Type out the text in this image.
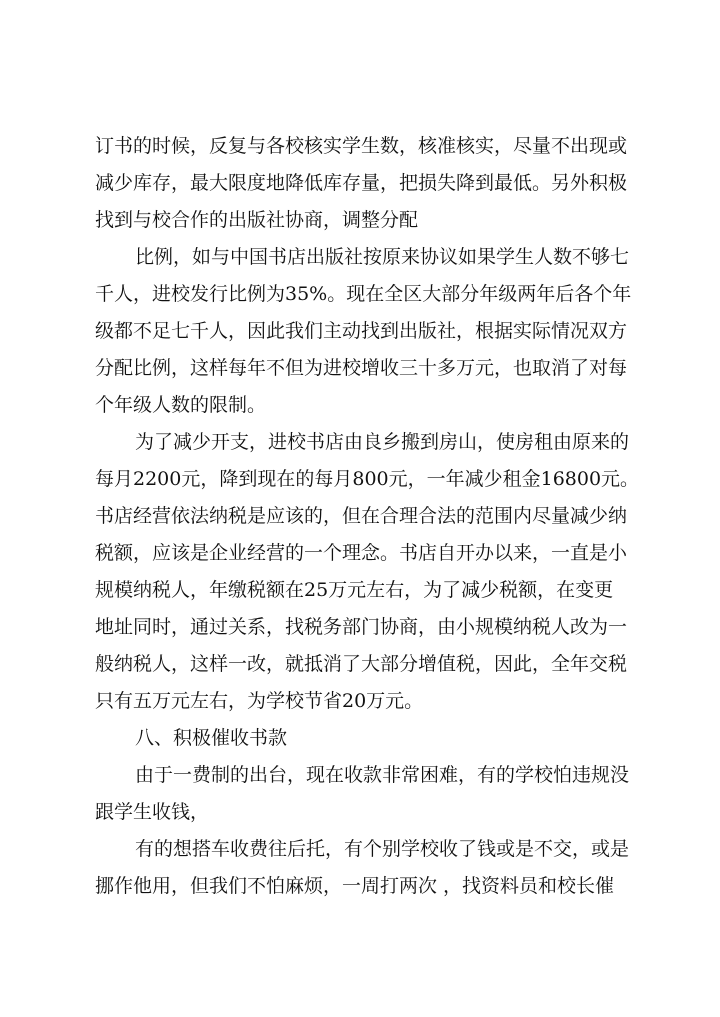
订书的时候，反复与各校核实学生数，核准核实，尽量不出现或
减少库存，最大限度地降低库存量，把损失降到最低。另外积极
找到与校合作的出版社协商，调整分配
比例，如与中国书店出版社按原来协议如果学生人数不够七
千人，进校发行比例为35%。现在全区大部分年级两年后各个年
级都不足七千人，因此我们主动找到出版社，根据实际情况双方
分配比例，这样每年不但为进校增收三十多万元，也取消了对每
个年级人数的限制。
为了减少开支，进校书店由良乡搬到房山，使房租由原来的
每月2200元，降到现在的每月800元，一年减少租金16800元。
书店经营依法纳税是应该的，但在合理合法的范围内尽量减少纳
税额，应该是企业经营的一个理念。书店自开办以来，一直是小
规模纳税人，年缴税额在25万元左右，为了减少税额，在变更
地址同时，通过关系，找税务部门协商，由小规模纳税人改为一
般纳税人，这样一改，就抵消了大部分增值税，因此，全年交税
只有五万元左右，为学校节省20万元。
八、积极催收书款
由于一费制的出台，现在收款非常困难，有的学校怕违规没
跟学生收钱，
有的想搭车收费往后托，有个别学校收了钱或是不交，或是
挪作他用，但我们不怕麻烦，一周打两次 ，找资料员和校长催
